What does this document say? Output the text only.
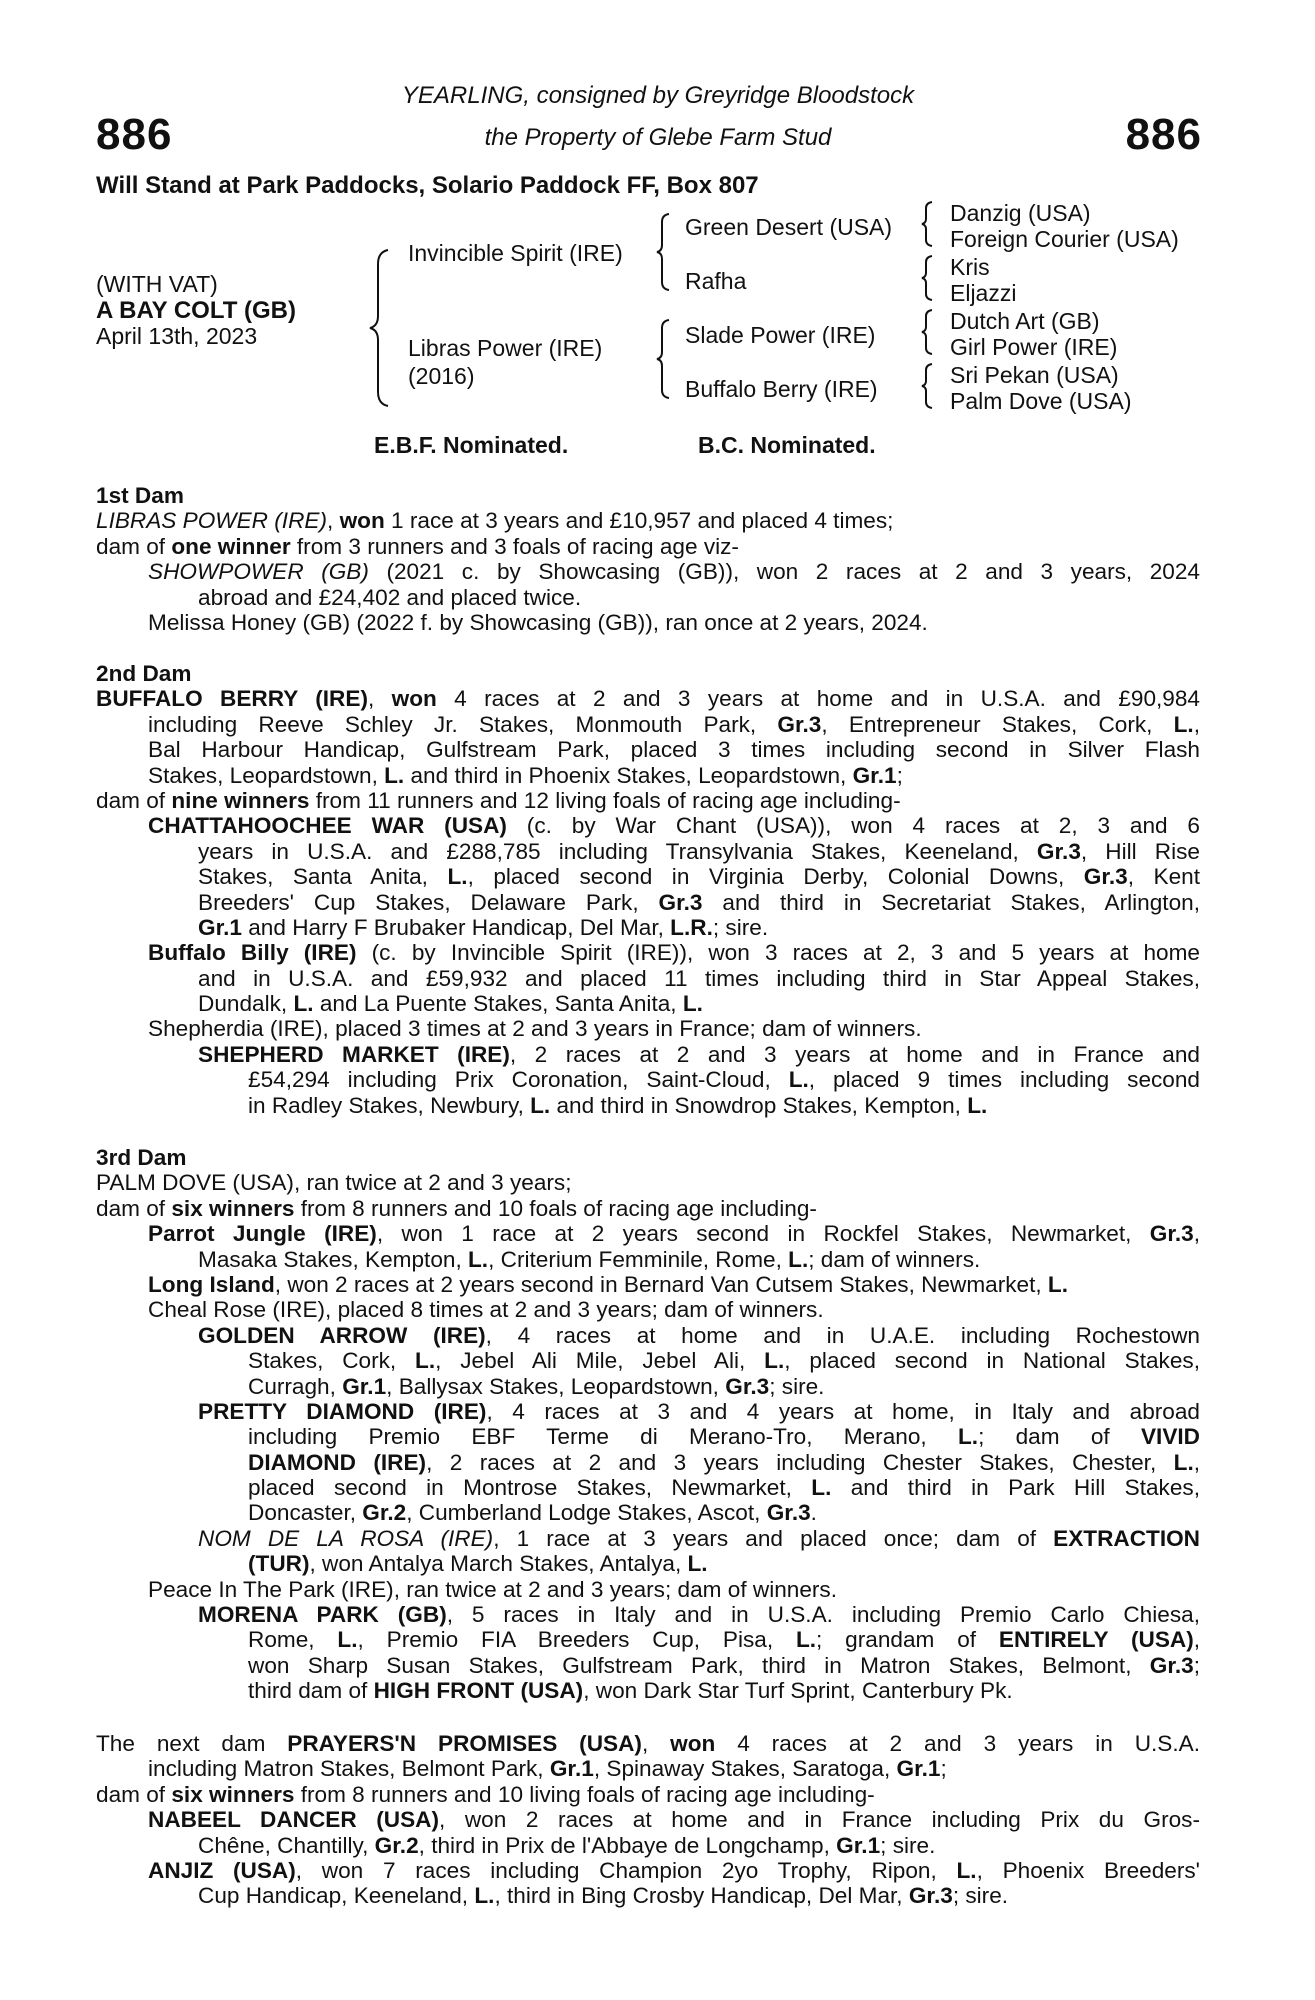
886	886
YEARLING, consigned by Greyridge Bloodstock
the Property of Glebe Farm Stud
Will Stand at Park Paddocks, Solario Paddock FF, Box 807
(WITH VAT)
A BAY COLT (GB)
April 13th, 2023
Invincible Spirit (IRE)
Libras Power (IRE)
(2016)
Green Desert (USA)
Rafha
Slade Power (IRE)
Buffalo Berry (IRE)
Danzig (USA)
Foreign Courier (USA)
Kris
Eljazzi
Dutch Art (GB)
Girl Power (IRE)
Sri Pekan (USA)
Palm Dove (USA)
E.B.F. Nominated.	B.C. Nominated.
1st Dam
LIBRAS POWER (IRE), won 1 race at 3 years and £10,957 and placed 4 times;
dam of one winner from 3 runners and 3 foals of racing age viz-
SHOWPOWER (GB) (2021 c. by Showcasing (GB)), won 2 races at 2 and 3 years, 2024
abroad and £24,402 and placed twice.
Melissa Honey (GB) (2022 f. by Showcasing (GB)), ran once at 2 years, 2024.
2nd Dam
BUFFALO BERRY (IRE), won 4 races at 2 and 3 years at home and in U.S.A. and £90,984
including Reeve Schley Jr. Stakes, Monmouth Park, Gr.3, Entrepreneur Stakes, Cork, L.,
Bal Harbour Handicap, Gulfstream Park, placed 3 times including second in Silver Flash
Stakes, Leopardstown, L. and third in Phoenix Stakes, Leopardstown, Gr.1;
dam of nine winners from 11 runners and 12 living foals of racing age including-
CHATTAHOOCHEE WAR (USA) (c. by War Chant (USA)), won 4 races at 2, 3 and 6
years in U.S.A. and £288,785 including Transylvania Stakes, Keeneland, Gr.3, Hill Rise
Stakes, Santa Anita, L., placed second in Virginia Derby, Colonial Downs, Gr.3, Kent
Breeders' Cup Stakes, Delaware Park, Gr.3 and third in Secretariat Stakes, Arlington,
Gr.1 and Harry F Brubaker Handicap, Del Mar, L.R.; sire.
Buffalo Billy (IRE) (c. by Invincible Spirit (IRE)), won 3 races at 2, 3 and 5 years at home
and in U.S.A. and £59,932 and placed 11 times including third in Star Appeal Stakes,
Dundalk, L. and La Puente Stakes, Santa Anita, L.
Shepherdia (IRE), placed 3 times at 2 and 3 years in France; dam of winners.
SHEPHERD MARKET (IRE), 2 races at 2 and 3 years at home and in France and
£54,294 including Prix Coronation, Saint-Cloud, L., placed 9 times including second
in Radley Stakes, Newbury, L. and third in Snowdrop Stakes, Kempton, L.
3rd Dam
PALM DOVE (USA), ran twice at 2 and 3 years;
dam of six winners from 8 runners and 10 foals of racing age including-
Parrot Jungle (IRE), won 1 race at 2 years second in Rockfel Stakes, Newmarket, Gr.3,
Masaka Stakes, Kempton, L., Criterium Femminile, Rome, L.; dam of winners.
Long Island, won 2 races at 2 years second in Bernard Van Cutsem Stakes, Newmarket, L.
Cheal Rose (IRE), placed 8 times at 2 and 3 years; dam of winners.
GOLDEN ARROW (IRE), 4 races at home and in U.A.E. including Rochestown
Stakes, Cork, L., Jebel Ali Mile, Jebel Ali, L., placed second in National Stakes,
Curragh, Gr.1, Ballysax Stakes, Leopardstown, Gr.3; sire.
PRETTY DIAMOND (IRE), 4 races at 3 and 4 years at home, in Italy and abroad
including Premio EBF Terme di Merano-Tro, Merano, L.; dam of VIVID
DIAMOND (IRE), 2 races at 2 and 3 years including Chester Stakes, Chester, L.,
placed second in Montrose Stakes, Newmarket, L. and third in Park Hill Stakes,
Doncaster, Gr.2, Cumberland Lodge Stakes, Ascot, Gr.3.
NOM DE LA ROSA (IRE), 1 race at 3 years and placed once; dam of EXTRACTION
(TUR), won Antalya March Stakes, Antalya, L.
Peace In The Park (IRE), ran twice at 2 and 3 years; dam of winners.
MORENA PARK (GB), 5 races in Italy and in U.S.A. including Premio Carlo Chiesa,
Rome, L., Premio FIA Breeders Cup, Pisa, L.; grandam of ENTIRELY (USA),
won Sharp Susan Stakes, Gulfstream Park, third in Matron Stakes, Belmont, Gr.3;
third dam of HIGH FRONT (USA), won Dark Star Turf Sprint, Canterbury Pk.
The next dam PRAYERS'N PROMISES (USA), won 4 races at 2 and 3 years in U.S.A.
including Matron Stakes, Belmont Park, Gr.1, Spinaway Stakes, Saratoga, Gr.1;
dam of six winners from 8 runners and 10 living foals of racing age including-
NABEEL DANCER (USA), won 2 races at home and in France including Prix du Gros-
Chêne, Chantilly, Gr.2, third in Prix de l'Abbaye de Longchamp, Gr.1; sire.
ANJIZ (USA), won 7 races including Champion 2yo Trophy, Ripon, L., Phoenix Breeders'
Cup Handicap, Keeneland, L., third in Bing Crosby Handicap, Del Mar, Gr.3; sire.
